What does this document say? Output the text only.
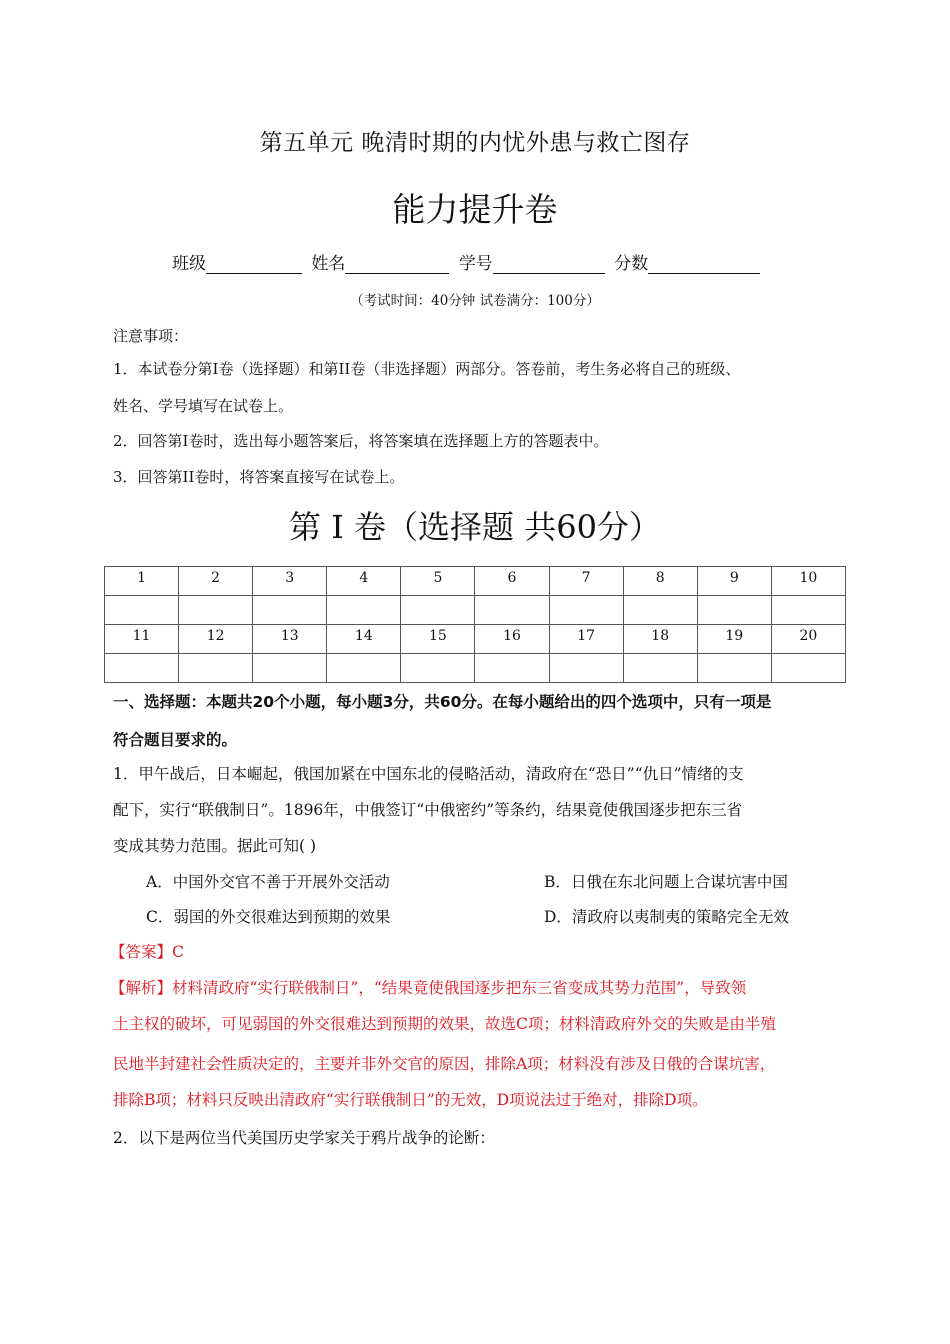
第五单元 晚清时期的内忧外患与救亡图存
能力提升卷
班级	姓名	学号	分数
（考试时间：40分钟 试卷满分：100分）
注意事项：
1．本试卷分第I卷（选择题）和第II卷（非选择题）两部分。答卷前，考生务必将自己的班级、
姓名、学号填写在试卷上。
2．回答第I卷时，选出每小题答案后，将答案填在选择题上方的答题表中。
3．回答第II卷时，将答案直接写在试卷上。
第 I 卷（选择题 共60分）
1	2	3	4	5	6	7	8	9	10

11	12	13	14	15	16	17	18	19	20

一、选择题：本题共20个小题，每小题3分，共60分。在每小题给出的四个选项中，只有一项是
符合题目要求的。
1．甲午战后，日本崛起，俄国加紧在中国东北的侵略活动，清政府在“恐日”“仇日”情绪的支
配下，实行“联俄制日”。1896年，中俄签订“中俄密约”等条约，结果竟使俄国逐步把东三省
变成其势力范围。据此可知( )
A．中国外交官不善于开展外交活动	B．日俄在东北问题上合谋坑害中国
C．弱国的外交很难达到预期的效果	D．清政府以夷制夷的策略完全无效
【答案】C
【解析】材料清政府“实行联俄制日”，“结果竟使俄国逐步把东三省变成其势力范围”，导致领
土主权的破坏，可见弱国的外交很难达到预期的效果，故选C项；材料清政府外交的失败是由半殖
民地半封建社会性质决定的，主要并非外交官的原因，排除A项；材料没有涉及日俄的合谋坑害，
排除B项；材料只反映出清政府“实行联俄制日”的无效，D项说法过于绝对，排除D项。
2．以下是两位当代美国历史学家关于鸦片战争的论断：
